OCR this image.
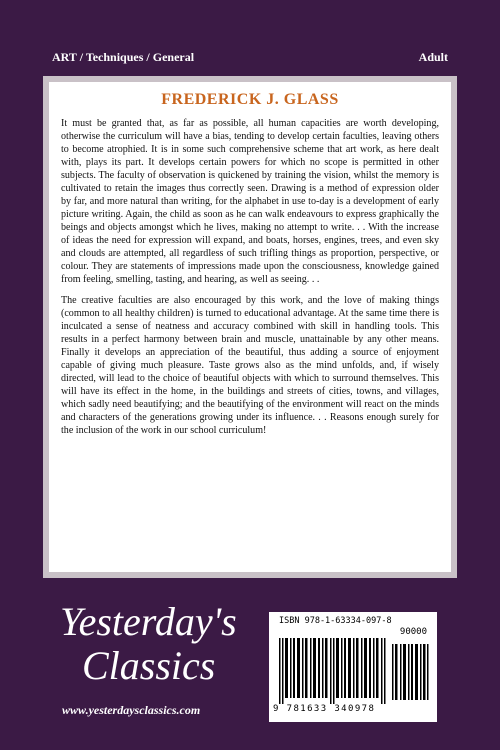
ART / Techniques / General	Adult
FREDERICK J. GLASS

It must be granted that, as far as possible, all human capacities are worth developing, otherwise the curriculum will have a bias, tending to develop certain faculties, leaving others to become atrophied. It is in some such comprehensive scheme that art work, as here dealt with, plays its part. It develops certain powers for which no scope is permitted in other subjects. The faculty of observation is quickened by training the vision, whilst the memory is cultivated to retain the images thus correctly seen. Drawing is a method of expression older by far, and more natural than writing, for the alphabet in use to-day is a development of early picture writing. Again, the child as soon as he can walk endeavours to express graphically the beings and objects amongst which he lives, making no attempt to write. . . With the increase of ideas the need for expression will expand, and boats, horses, engines, trees, and even sky and clouds are attempted, all regardless of such trifling things as proportion, perspective, or colour. They are statements of impressions made upon the consciousness, knowledge gained from feeling, smelling, tasting, and hearing, as well as seeing. . .

The creative faculties are also encouraged by this work, and the love of making things (common to all healthy children) is turned to educational advantage. At the same time there is inculcated a sense of neatness and accuracy combined with skill in handling tools. This results in a perfect harmony between brain and muscle, unattainable by any other means. Finally it develops an appreciation of the beautiful, thus adding a source of enjoyment capable of giving much pleasure. Taste grows also as the mind unfolds, and, if wisely directed, will lead to the choice of beautiful objects with which to surround themselves. This will have its effect in the home, in the buildings and streets of cities, towns, and villages, which sadly need beautifying; and the beautifying of the environment will react on the minds and characters of the generations growing under its influence. . . Reasons enough surely for the inclusion of the work in our school curriculum!

Yesterday's
Classics
www.yesterdaysclassics.com
ISBN 978-1-63334-097-8
90000
9 781633 340978
